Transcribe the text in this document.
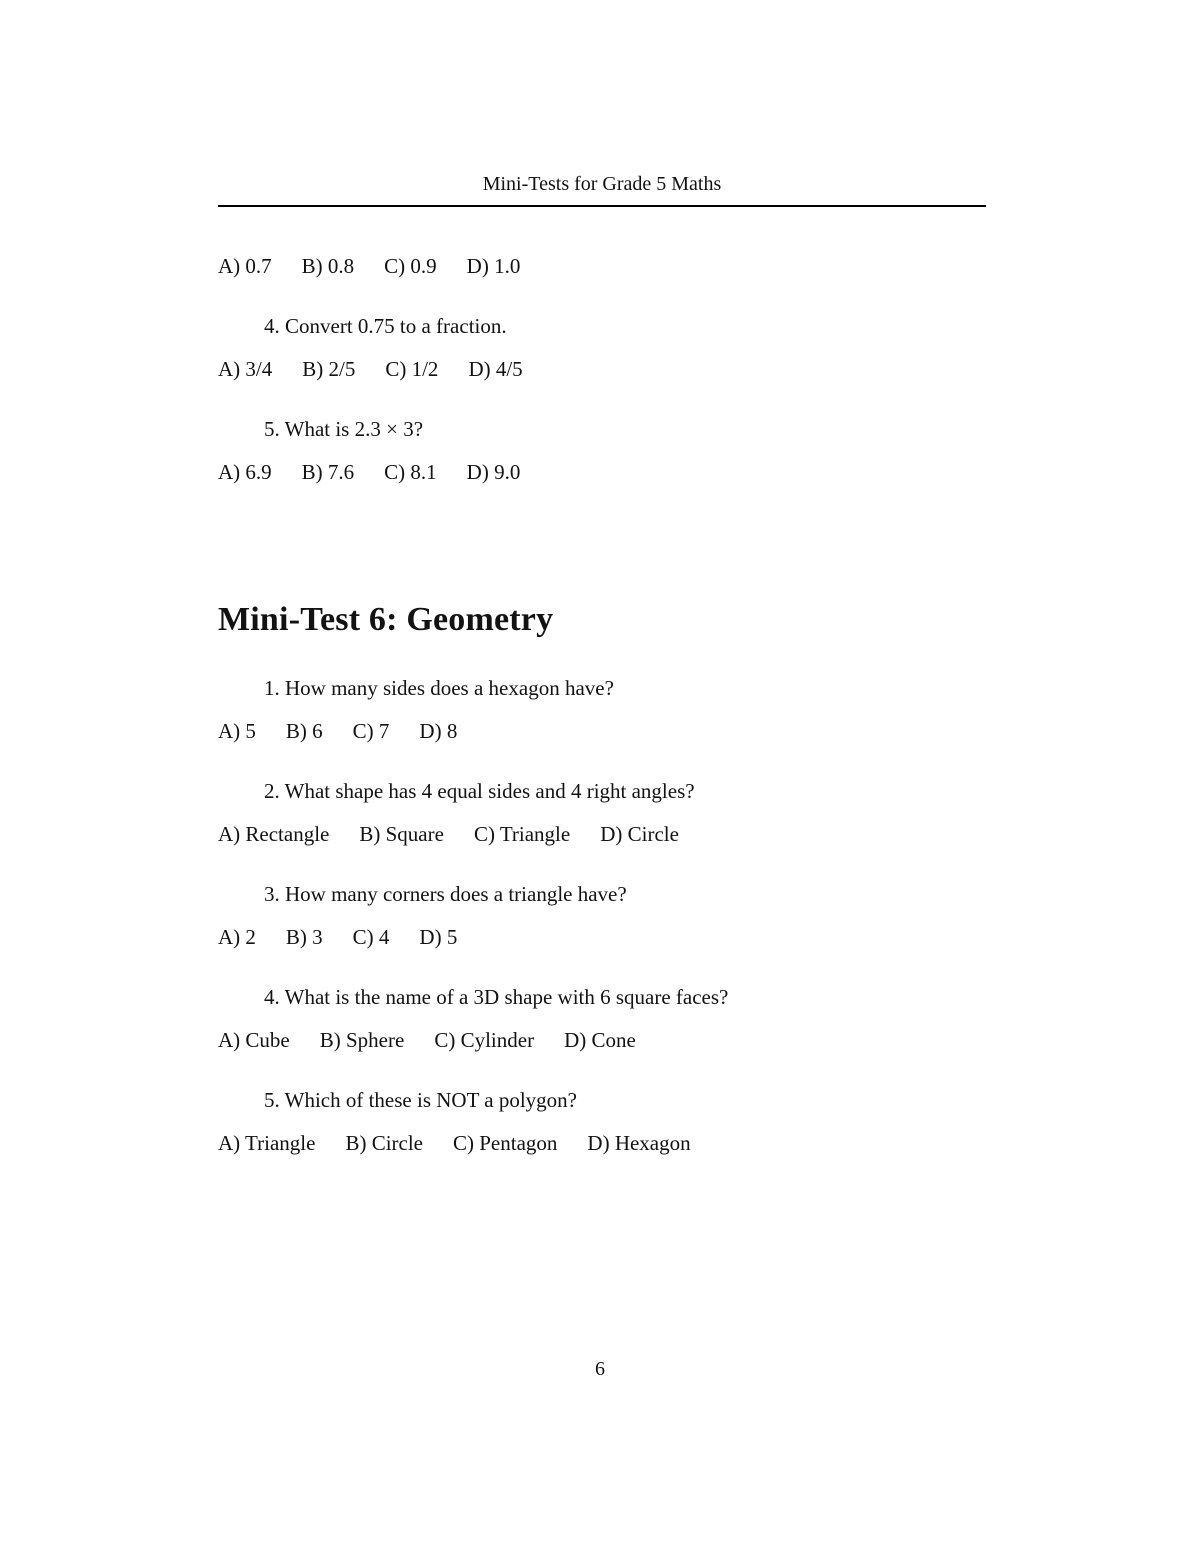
Mini-Tests for Grade 5 Maths
A) 0.7 B) 0.8 C) 0.9 D) 1.0

4. Convert 0.75 to a fraction.

A) 3/4 B) 2/5 C) 1/2 D) 4/5

5. What is 2.3 × 3?

A) 6.9 B) 7.6 C) 8.1 D) 9.0
Mini-Test 6: Geometry

1. How many sides does a hexagon have?

A) 5 B) 6 C) 7 D) 8

2. What shape has 4 equal sides and 4 right angles?

A) Rectangle B) Square C) Triangle D) Circle

3. How many corners does a triangle have?

A) 2 B) 3 C) 4 D) 5

4. What is the name of a 3D shape with 6 square faces?

A) Cube B) Sphere C) Cylinder D) Cone

5. Which of these is NOT a polygon?

A) Triangle B) Circle C) Pentagon D) Hexagon
6
